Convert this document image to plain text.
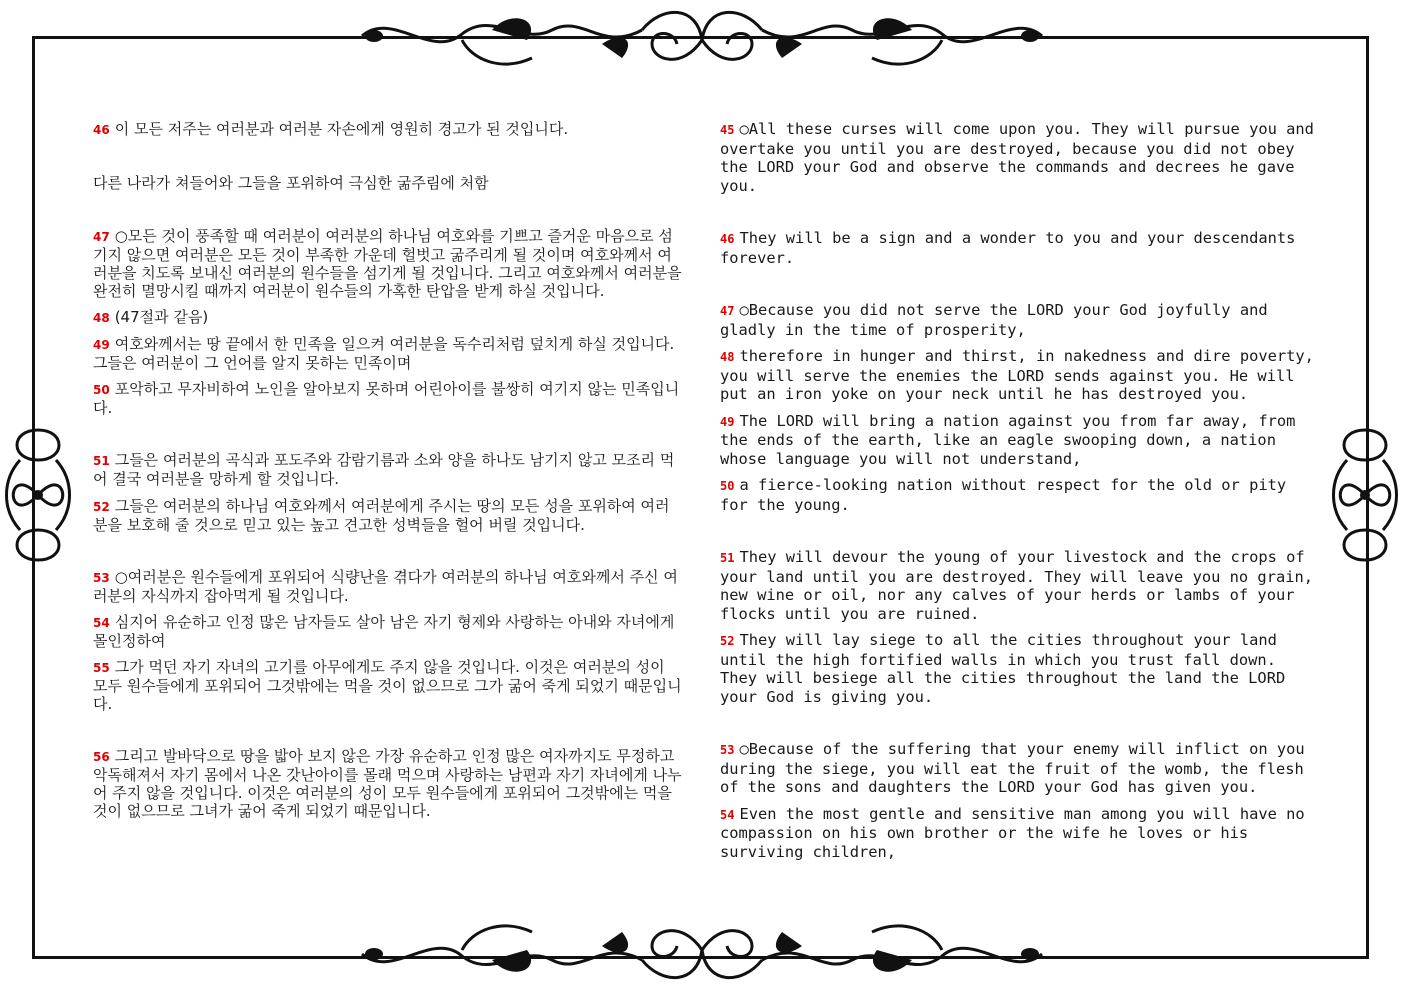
46 이 모든 저주는 여러분과 여러분 자손에게 영원히 경고가 된 것입니다.

다른 나라가 쳐들어와 그들을 포위하여 극심한 굶주림에 처함

47 ○모든 것이 풍족할 때 여러분이 여러분의 하나님 여호와를 기쁘고 즐거운 마음으로 섬기지 않으면 여러분은 모든 것이 부족한 가운데 헐벗고 굶주리게 될 것이며 여호와께서 여러분을 치도록 보내신 여러분의 원수들을 섬기게 될 것입니다. 그리고 여호와께서 여러분을 완전히 멸망시킬 때까지 여러분이 원수들의 가혹한 탄압을 받게 하실 것입니다.

48 (47절과 같음)

49 여호와께서는 땅 끝에서 한 민족을 일으켜 여러분을 독수리처럼 덮치게 하실 것입니다. 그들은 여러분이 그 언어를 알지 못하는 민족이며

50 포악하고 무자비하여 노인을 알아보지 못하며 어린아이를 불쌍히 여기지 않는 민족입니다.

51 그들은 여러분의 곡식과 포도주와 감람기름과 소와 양을 하나도 남기지 않고 모조리 먹어 결국 여러분을 망하게 할 것입니다.

52 그들은 여러분의 하나님 여호와께서 여러분에게 주시는 땅의 모든 성을 포위하여 여러분을 보호해 줄 것으로 믿고 있는 높고 견고한 성벽들을 헐어 버릴 것입니다.

53 ○여러분은 원수들에게 포위되어 식량난을 겪다가 여러분의 하나님 여호와께서 주신 여러분의 자식까지 잡아먹게 될 것입니다.

54 심지어 유순하고 인정 많은 남자들도 살아 남은 자기 형제와 사랑하는 아내와 자녀에게 몰인정하여

55 그가 먹던 자기 자녀의 고기를 아무에게도 주지 않을 것입니다. 이것은 여러분의 성이 모두 원수들에게 포위되어 그것밖에는 먹을 것이 없으므로 그가 굶어 죽게 되었기 때문입니다.

56 그리고 발바닥으로 땅을 밟아 보지 않은 가장 유순하고 인정 많은 여자까지도 무정하고 악독해져서 자기 몸에서 나온 갓난아이를 몰래 먹으며 사랑하는 남편과 자기 자녀에게 나누어 주지 않을 것입니다. 이것은 여러분의 성이 모두 원수들에게 포위되어 그것밖에는 먹을 것이 없으므로 그녀가 굶어 죽게 되었기 때문입니다.

45 ○All these curses will come upon you. They will pursue you and overtake you until you are destroyed, because you did not obey the LORD your God and observe the commands and decrees he gave you.

46 They will be a sign and a wonder to you and your descendants forever.

47 ○Because you did not serve the LORD your God joyfully and gladly in the time of prosperity,

48 therefore in hunger and thirst, in nakedness and dire poverty, you will serve the enemies the LORD sends against you. He will put an iron yoke on your neck until he has destroyed you.

49 The LORD will bring a nation against you from far away, from the ends of the earth, like an eagle swooping down, a nation whose language you will not understand,

50 a fierce-looking nation without respect for the old or pity for the young.

51 They will devour the young of your livestock and the crops of your land until you are destroyed. They will leave you no grain, new wine or oil, nor any calves of your herds or lambs of your flocks until you are ruined.

52 They will lay siege to all the cities throughout your land until the high fortified walls in which you trust fall down. They will besiege all the cities throughout the land the LORD your God is giving you.

53 ○Because of the suffering that your enemy will inflict on you during the siege, you will eat the fruit of the womb, the flesh of the sons and daughters the LORD your God has given you.

54 Even the most gentle and sensitive man among you will have no compassion on his own brother or the wife he loves or his surviving children,
